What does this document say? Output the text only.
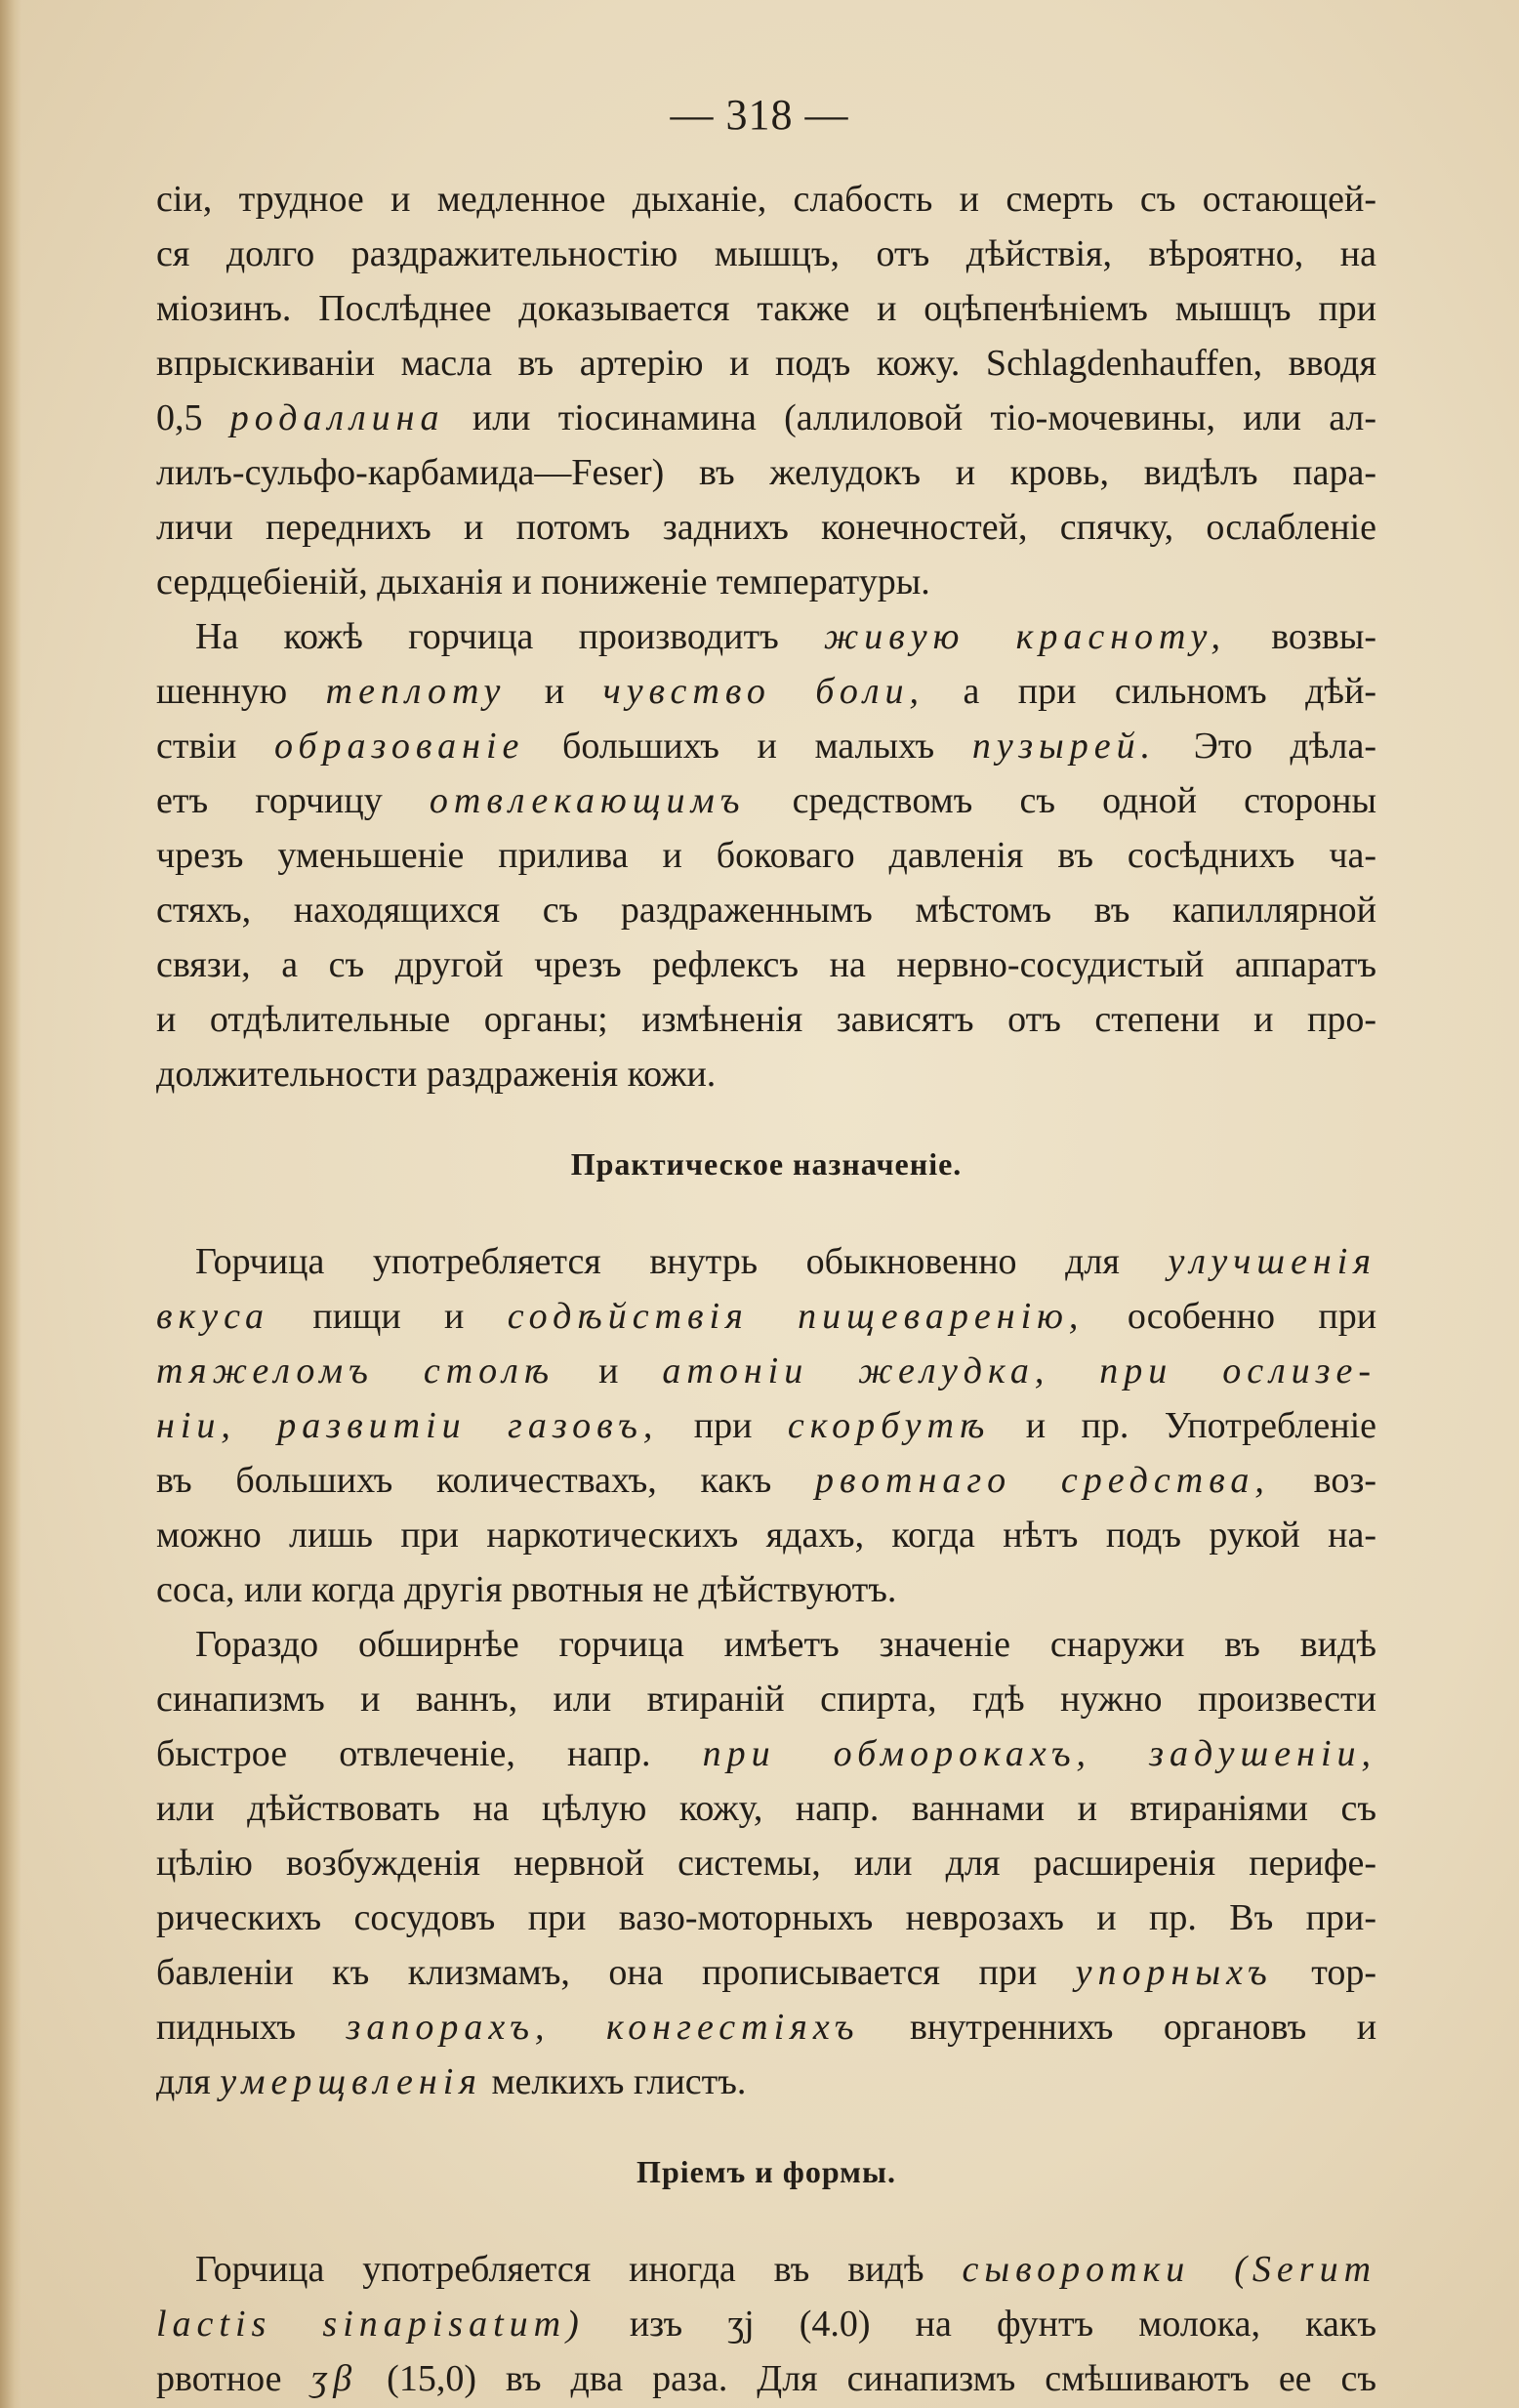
— 318 —
сіи, трудное и медленное дыханіе, слабость и смерть съ остающей-
ся долго раздражительностію мышцъ, отъ дѣйствія, вѣроятно, на
міозинъ. Послѣднее доказывается также и оцѣпенѣніемъ мышцъ при
впрыскиваніи масла въ артерію и подъ кожу. Schlagdenhauffen, вводя
0,5 родаллина или тіосинамина (аллиловой тіо-мочевины, или ал-
лилъ-сульфо-карбамида—Feser) въ желудокъ и кровь, видѣлъ пара-
личи переднихъ и потомъ заднихъ конечностей, спячку, ослабленіе
сердцебіеній, дыханія и пониженіе температуры.
На кожѣ горчица производитъ живую краснoту, возвы-
шенную теплоту и чувство боли, а при сильномъ дѣй-
ствіи образованіе большихъ и малыхъ пузырей. Это дѣла-
етъ горчицу отвлекающимъ средствомъ съ одной стороны
чрезъ уменьшеніе прилива и боковаго давленія въ сосѣднихъ ча-
стяхъ, находящихся съ раздраженнымъ мѣстомъ въ капиллярной
связи, а съ другой чрезъ рефлексъ на нервно-сосудистый аппаратъ
и отдѣлительные органы; измѣненія зависятъ отъ степени и про-
должительности раздраженія кожи.
Практическое назначеніе.
Горчица употребляется внутрь обыкновенно для улучшенія
вкуса пищи и содѣйствія пищеваренію, особенно при
тяжеломъ столѣ и атоніи желудка, при ослизе-
ніи, развитіи газовъ, при скорбутѣ и пр. Употребленіе
въ большихъ количествахъ, какъ рвотнаго средства, воз-
можно лишь при наркотическихъ ядахъ, когда нѣтъ подъ рукой на-
соса, или когда другія рвотныя не дѣйствуютъ.
Гораздо обширнѣе горчица имѣетъ значеніе снаружи въ видѣ
синапизмъ и ваннъ, или втираній спирта, гдѣ нужно произвести
быстрое отвлеченіе, напр. при обморокахъ, задушеніи,
или дѣйствовать на цѣлую кожу, напр. ваннами и втираніями съ
цѣлію возбужденія нервной системы, или для расширенія перифе-
рическихъ сосудовъ при вазо-моторныхъ неврозахъ и пр. Въ при-
бавленіи къ клизмамъ, она прописывается при упорныхъ тор-
пидныхъ запорахъ, конгестіяхъ внутреннихъ органовъ и
для умерщвленія мелкихъ глистъ.
Пріемъ и формы.
Горчица употребляется иногда въ видѣ сыворотки (Serum
lactis sinapisatum) изъ ʒj (4.0) на фунтъ молока, какъ
рвотное ʒβ (15,0) въ два раза. Для синапизмъ смѣшиваютъ ее съ
